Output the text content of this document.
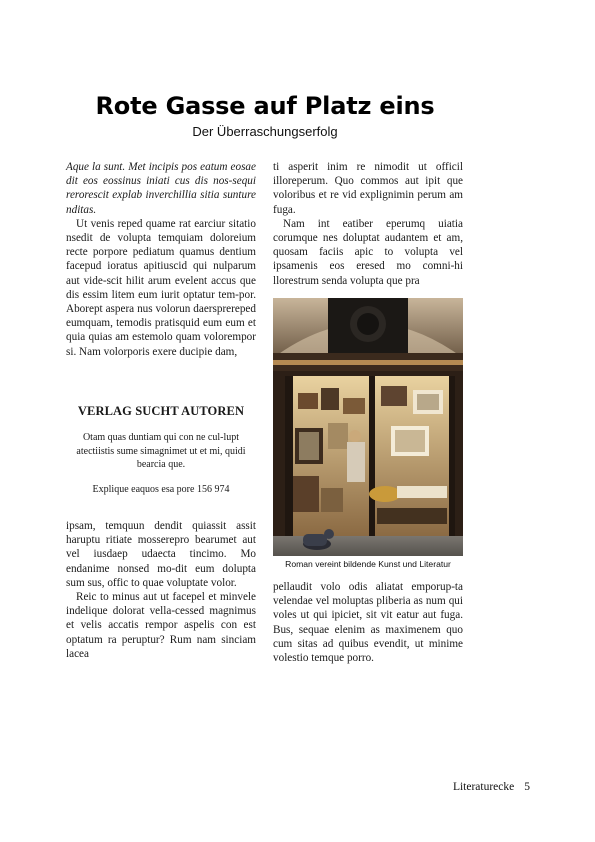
Rote Gasse auf Platz eins
Der Überraschungserfolg

Aque la sunt. Met incipis pos eatum eosae dit eos eossinus iniati cus dis nos-sequi rerorescit explab inverchillia sitia sunture nditas.

Ut venis reped quame rat earciur sitatio nsedit de volupta temquiam doloreium recte porpore pediatum quamus dentium facepud ioratus apitiuscid qui nulparum aut vide-scit hilit arum evelent accus que dis essim litem eum iurit optatur tem-por. Aborept aspera nus volorun daersprereped eumquam, temodis pratisquid eum eum et quia quias am estemolo quam volorempor si. Nam volorporis exere ducipie dam,

VERLAG SUCHT AUTOREN

Otam quas duntiam qui con ne cul-lupt atectiistis sume simagnimet ut et mi, quidi bearcia que.

Explique eaquos esa pore 156 974

ipsam, temquun dendit quiassit assit haruptu ritiate mosserepro bearumet aut vel iusdaep udaecta tincimo. Mo endanime nonsed mo-dit eum dolupta sum sus, offic to quae voluptate volor.

Reic to minus aut ut facepel et minvele indelique dolorat vella-cessed magnimus et velis accatis rempor aspelis con est optatum ra peruptur? Rum nam sinciam lacea

ti asperit inim re nimodit ut officil illoreperum. Quo commos aut ipit que voloribus et re vid explignimin perum am fuga.

Nam int eatiber eperumq uiatia corumque nes doluptat audantem et am, quosam faciis apic to volupta vel ipsamenis eos eresed mo comni-hi llorestrum senda volupta que pra

Roman vereint bildende Kunst und Literatur

pellaudit volo odis aliatat emporup-ta velendae vel moluptas pliberia as num qui voles ut qui ipiciet, sit vit eatur aut fuga. Bus, sequae elenim as maximenem quo cum sitas ad quibus evendit, ut minime volestio temque porro.

Literaturecke 5
